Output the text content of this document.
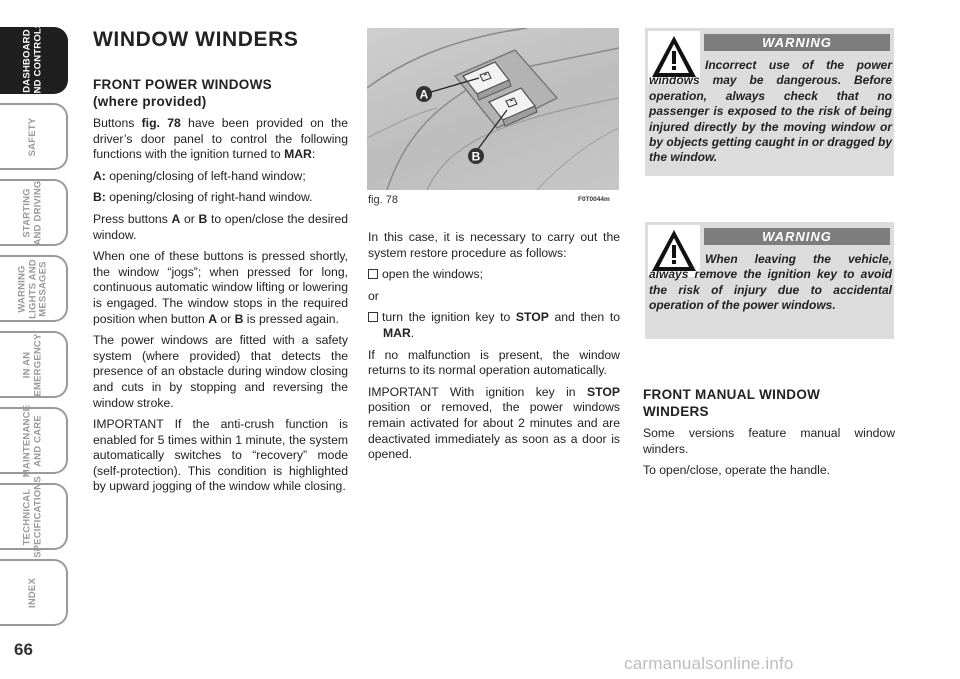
DASHBOARD
AND CONTROLS
SAFETY
STARTING
AND DRIVING
WARNING
LIGHTS AND
MESSAGES
IN AN
EMERGENCY
MAINTENANCE
AND CARE
TECHNICAL
SPECIFICATIONS
INDEX
66
WINDOW WINDERS
FRONT POWER WINDOWS (where provided)

Buttons fig. 78 have been provided on the driver’s door panel to control the following functions with the ignition turned to MAR:

A: opening/closing of left-hand window;

B: opening/closing of right-hand window.

Press buttons A or B to open/close the desired window.

When one of these buttons is pressed shortly, the window “jogs”; when pressed for long, continuous automatic window lifting or lowering is engaged. The window stops in the required position when button A or B is pressed again.

The power windows are fitted with a safety system (where provided) that detects the presence of an obstacle during window closing and cuts in by stopping and reversing the window stroke.

IMPORTANT If the anti-crush function is enabled for 5 times within 1 minute, the system automatically switches to “recovery” mode (self-protection). This condition is highlighted by upward jogging of the window while closing.

A
B
fig. 78	F0T0044m

In this case, it is necessary to carry out the system restore procedure as follows:

open the windows;

or

turn the ignition key to STOP and then to MAR.

If no malfunction is present, the window returns to its normal operation automatically.

IMPORTANT With ignition key in STOP position or removed, the power windows remain activated for about 2 minutes and are deactivated immediately as soon as a door is opened.

WARNING

Incorrect use of the power windows may be dangerous. Before operation, always check that no passenger is exposed to the risk of being injured directly by the moving window or by objects getting caught in or dragged by the window.

WARNING

When leaving the vehicle, always remove the ignition key to avoid the risk of injury due to accidental operation of the power windows.

FRONT MANUAL WINDOW WINDERS

Some versions feature manual window winders.

To open/close, operate the handle.

carmanualsonline.info
